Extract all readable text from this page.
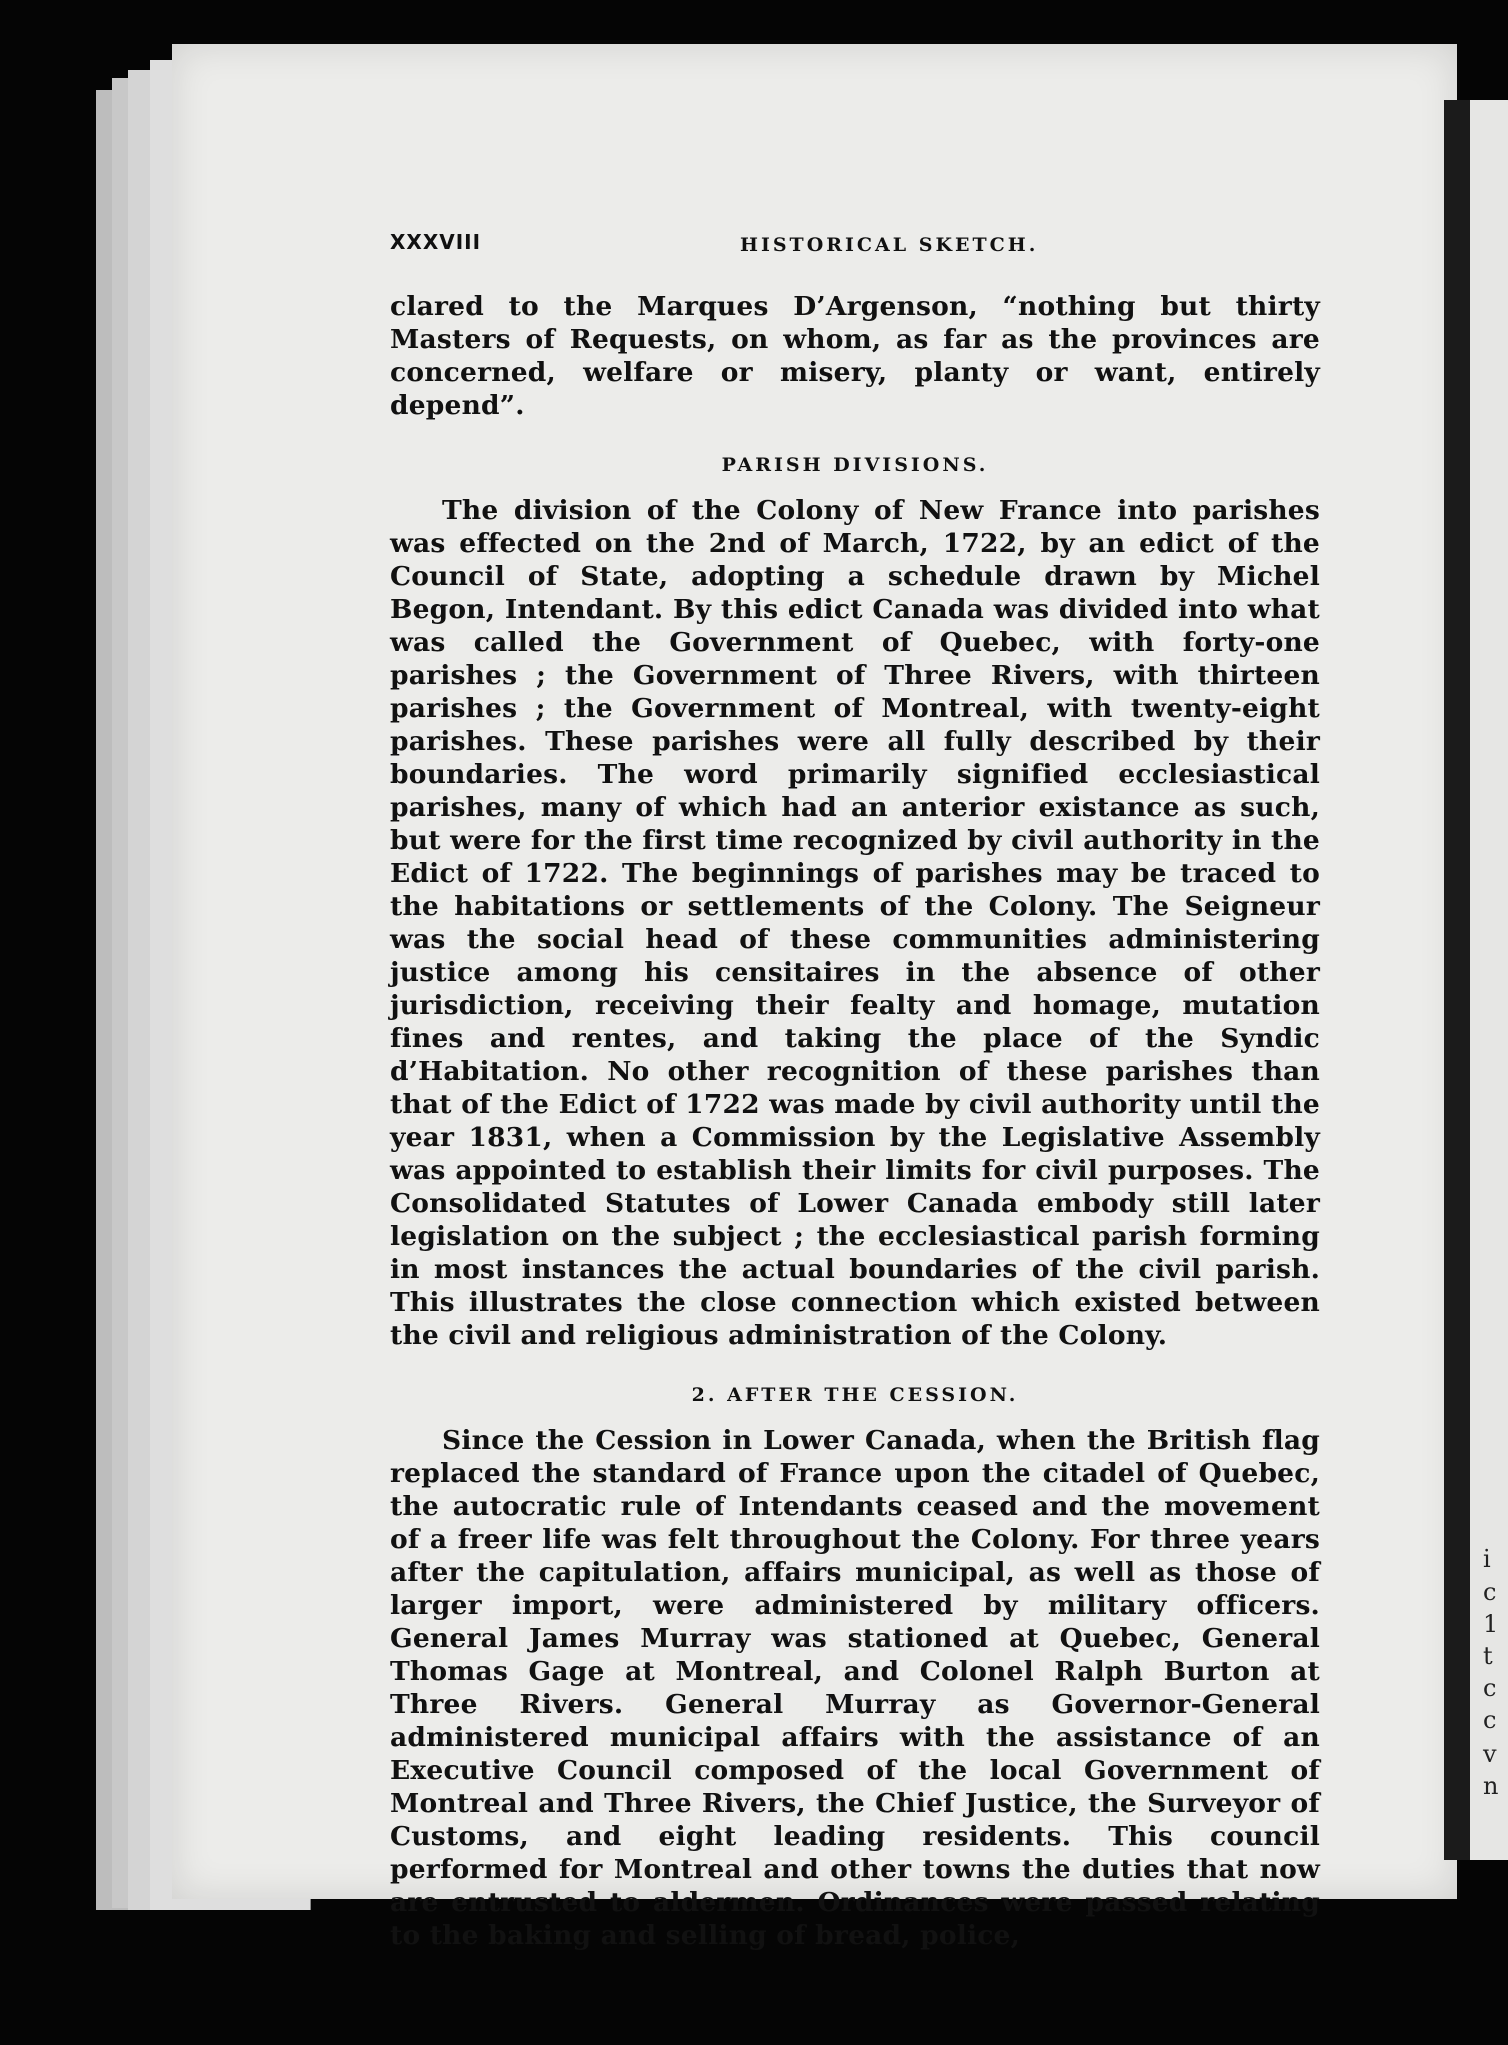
i
c
1
t
c
c
v
n
XXXVIII	HISTORICAL SKETCH.

clared to the Marques D’Argenson, “nothing but thirty Masters of Requests, on whom, as far as the provinces are concerned, welfare or misery, planty or want, entirely depend”.

PARISH DIVISIONS.

The division of the Colony of New France into parishes was effected on the 2nd of March, 1722, by an edict of the Council of State, adopting a schedule drawn by Michel Begon, Intendant. By this edict Canada was divided into what was called the Government of Quebec, with forty-one parishes ; the Government of Three Rivers, with thirteen parishes ; the Government of Montreal, with twenty-eight parishes. These parishes were all fully described by their boundaries. The word primarily signified ecclesiastical parishes, many of which had an anterior existance as such, but were for the first time recognized by civil authority in the Edict of 1722. The beginnings of parishes may be traced to the habitations or settlements of the Colony. The Seigneur was the social head of these communities administering justice among his censitaires in the absence of other jurisdiction, receiving their fealty and homage, mutation fines and rentes, and taking the place of the Syndic d’Habitation. No other recognition of these parishes than that of the Edict of 1722 was made by civil authority until the year 1831, when a Commission by the Legislative Assembly was appointed to establish their limits for civil purposes. The Consolidated Statutes of Lower Canada embody still later legislation on the subject ; the ecclesiastical parish forming in most instances the actual boundaries of the civil parish. This illustrates the close connection which existed between the civil and religious administration of the Colony.

2. AFTER THE CESSION.

Since the Cession in Lower Canada, when the British flag replaced the standard of France upon the citadel of Quebec, the autocratic rule of Intendants ceased and the movement of a freer life was felt throughout the Colony. For three years after the capitulation, affairs municipal, as well as those of larger import, were administered by military officers. General James Murray was stationed at Quebec, General Thomas Gage at Montreal, and Colonel Ralph Burton at Three Rivers. General Murray as Governor-General administered municipal affairs with the assistance of an Executive Council composed of the local Government of Montreal and Three Rivers, the Chief Justice, the Surveyor of Customs, and eight leading residents. This council performed for Montreal and other towns the duties that now are entrusted to aldermen. Ordinances were passed relating to the baking and selling of bread, police,
